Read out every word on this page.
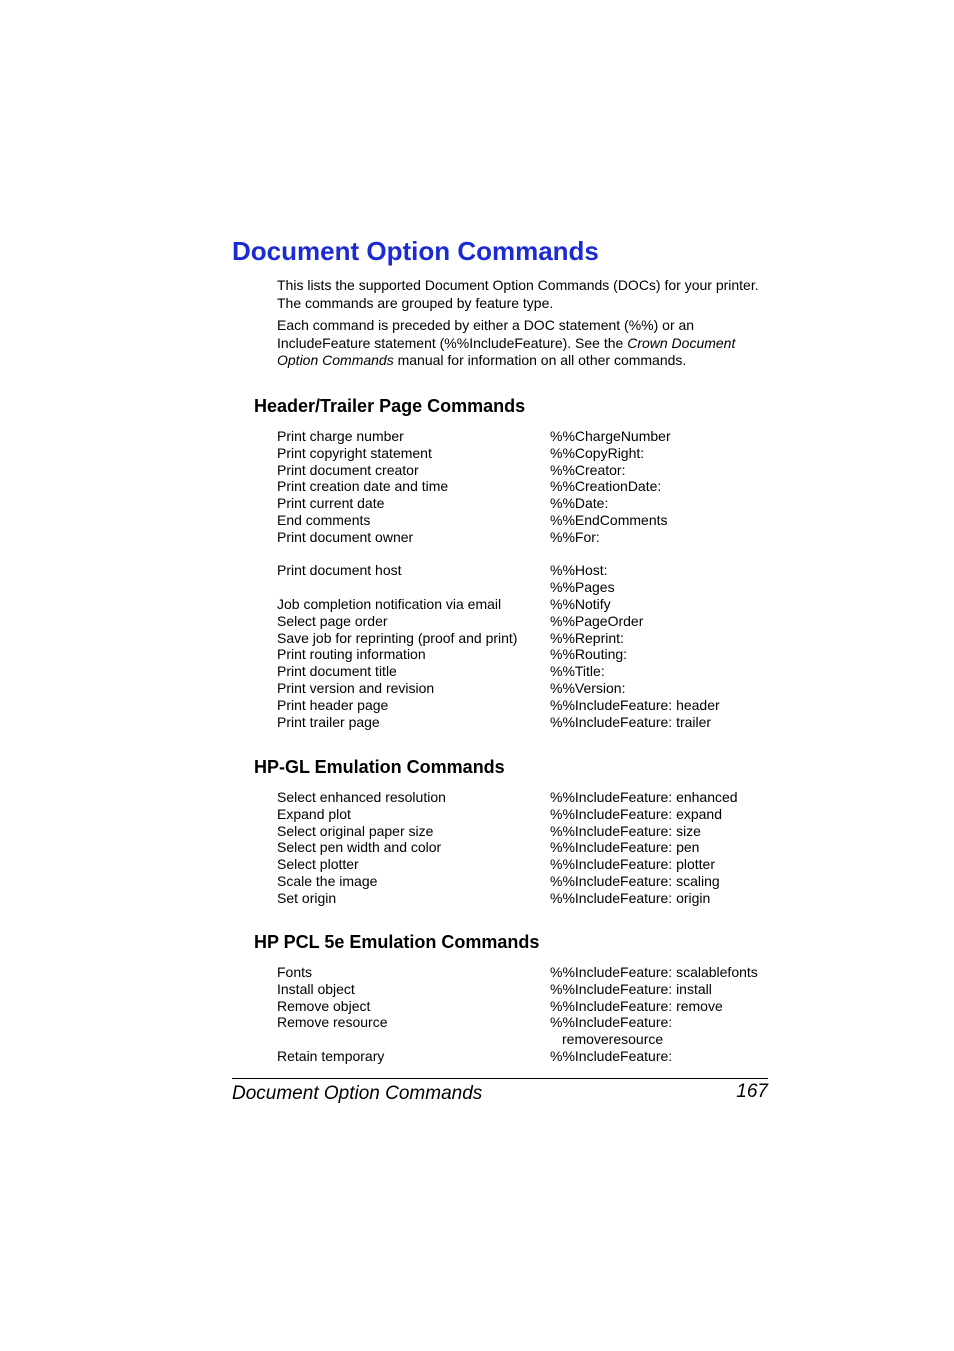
Document Option Commands

This lists the supported Document Option Commands (DOCs) for your printer. The commands are grouped by feature type.

Each command is preceded by either a DOC statement (%%) or an IncludeFeature statement (%%IncludeFeature). See the Crown Document Option Commands manual for information on all other commands.

Header/Trailer Page Commands
Print charge number	%%ChargeNumber
Print copyright statement	%%CopyRight:
Print document creator	%%Creator:
Print creation date and time	%%CreationDate:
Print current date	%%Date:
End comments	%%EndComments
Print document owner	%%For:
Print document host	%%Host:
%%Pages
Job completion notification via email	%%Notify
Select page order	%%PageOrder
Save job for reprinting (proof and print) %%Reprint:
Print routing information	%%Routing:
Print document title	%%Title:
Print version and revision	%%Version:
Print header page	%%IncludeFeature: header
Print trailer page	%%IncludeFeature: trailer
HP-GL Emulation Commands
Select enhanced resolution	%%IncludeFeature: enhanced
Expand plot	%%IncludeFeature: expand
Select original paper size	%%IncludeFeature: size
Select pen width and color	%%IncludeFeature: pen
Select plotter	%%IncludeFeature: plotter
Scale the image	%%IncludeFeature: scaling
Set origin	%%IncludeFeature: origin
HP PCL 5e Emulation Commands
Fonts	%%IncludeFeature: scalablefonts
Install object	%%IncludeFeature: install
Remove object	%%IncludeFeature: remove
Remove resource	%%IncludeFeature:
removeresource
Retain temporary	%%IncludeFeature:
Document Option Commands	167
